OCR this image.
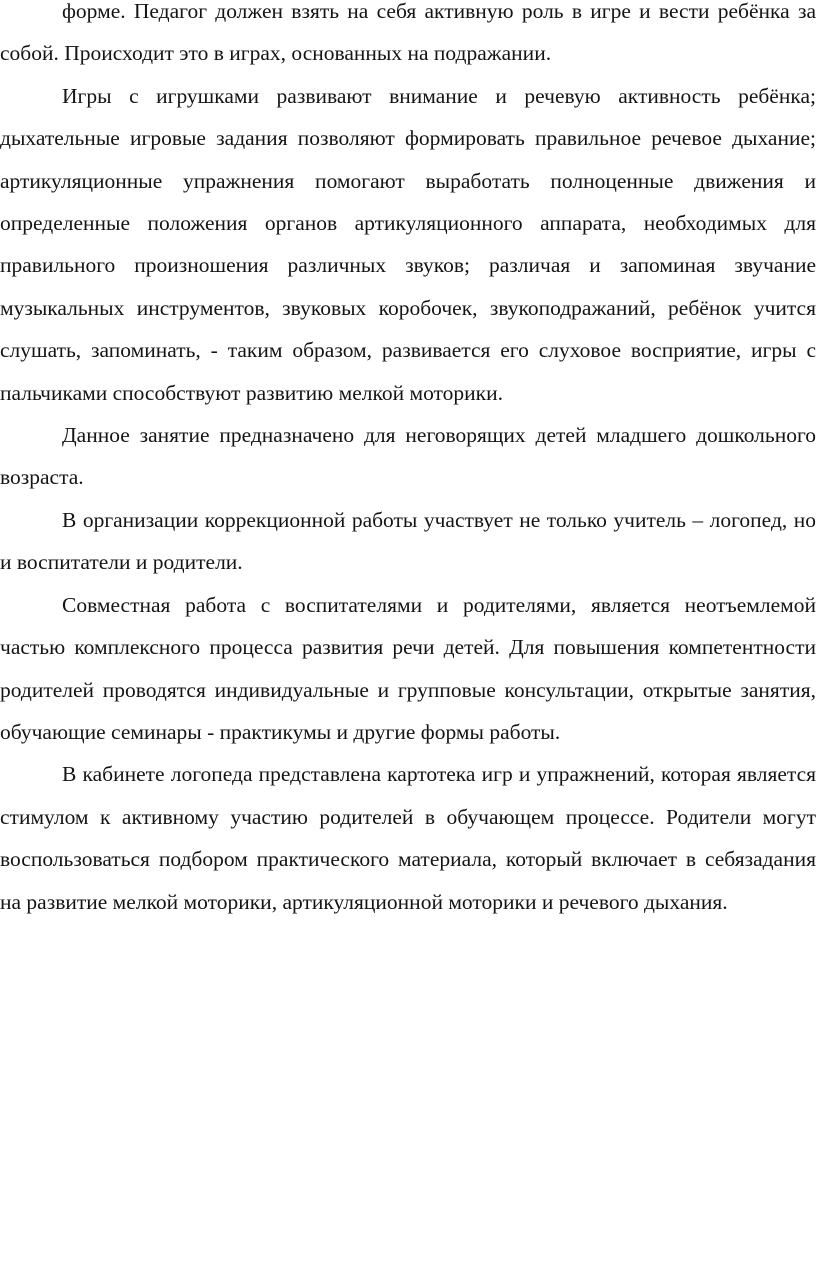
форме. Педагог должен взять на себя активную роль в игре и вести ребёнка за собой. Происходит это в играх, основанных на подражании.

Игры с игрушками развивают внимание и речевую активность ребёнка; дыхательные игровые задания позволяют формировать правильное речевое дыхание; артикуляционные упражнения помогают выработать полноценные движения и определенные положения органов артикуляционного аппарата, необходимых для правильного произношения различных звуков; различая и запоминая звучание музыкальных инструментов, звуковых коробочек, звукоподражаний, ребёнок учится слушать, запоминать, - таким образом, развивается его слуховое восприятие, игры с пальчиками способствуют развитию мелкой моторики.

Данное занятие предназначено для неговорящих детей младшего дошкольного возраста.

В организации коррекционной работы участвует не только учитель – логопед, но и воспитатели и родители.

Совместная работа с воспитателями и родителями, является неотъемлемой частью комплексного процесса развития речи детей. Для повышения компетентности родителей проводятся индивидуальные и групповые консультации, открытые занятия, обучающие семинары - практикумы и другие формы работы.

В кабинете логопеда представлена картотека игр и упражнений, которая является стимулом к активному участию родителей в обучающем процессе. Родители могут воспользоваться подбором практического материала, который включает в себязадания на развитие мелкой моторики, артикуляционной моторики и речевого дыхания.
